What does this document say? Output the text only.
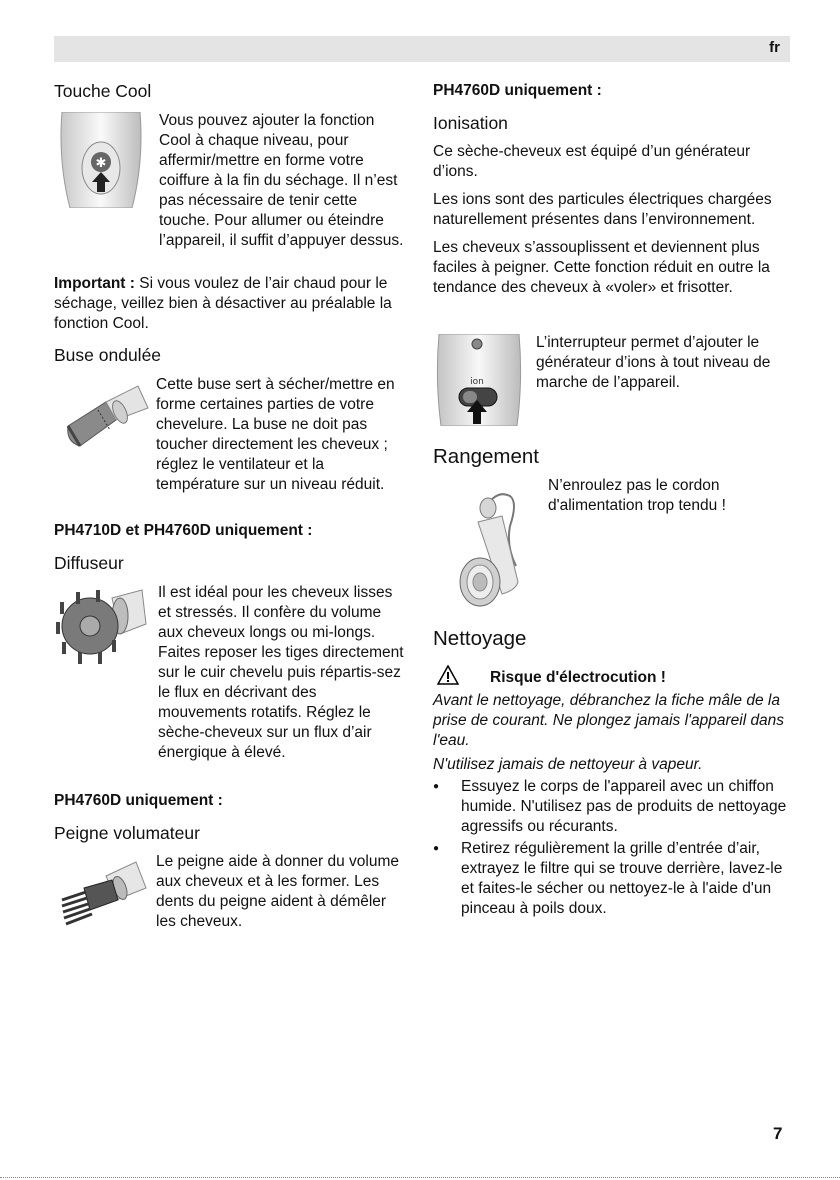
fr
Touche Cool
✱
Vous pouvez ajouter la fonction Cool à chaque niveau, pour affermir/mettre en forme votre coiffure à la fin du séchage. Il n’est pas nécessaire de tenir cette touche. Pour allumer ou éteindre l’appareil, il suffit d’appuyer dessus.
Important : Si vous voulez de l’air chaud pour le séchage, veillez bien à désactiver au préalable la fonction Cool.
Buse ondulée
Cette buse sert à sécher/mettre en forme certaines parties de votre chevelure. La buse ne doit pas toucher directement les cheveux ; réglez le ventilateur et la température sur un niveau réduit.
PH4710D et PH4760D uniquement :
Diffuseur
Il est idéal pour les cheveux lisses et stressés. Il confère du volume aux cheveux longs ou mi-longs. Faites reposer les tiges directement sur le cuir chevelu puis répartis-sez le flux en décrivant des mouvements rotatifs. Réglez le sèche-cheveux sur un flux d’air énergique à élevé.
PH4760D uniquement :
Peigne volumateur
Le peigne aide à donner du volume aux cheveux et à les former. Les dents du peigne aident à démêler les cheveux.
PH4760D uniquement :
Ionisation

Ce sèche-cheveux est équipé d’un générateur d’ions.

Les ions sont des particules électriques chargées naturellement présentes dans l’environnement.

Les cheveux s’assouplissent et deviennent plus faciles à peigner. Cette fonction réduit en outre la tendance des cheveux à «voler» et frisotter.

ion
L’interrupteur permet d’ajouter le générateur d’ions à tout niveau de marche de l’appareil.
Rangement
N’enroulez pas le cordon d'alimentation trop tendu !
Nettoyage
Risque d'électrocution !

Avant le nettoyage, débranchez la fiche mâle de la prise de courant. Ne plongez jamais l'appareil dans l'eau.

N'utilisez jamais de nettoyeur à vapeur.

● Essuyez le corps de l'appareil avec un chiffon humide. N'utilisez pas de produits de nettoyage agressifs ou récurants.
● Retirez régulièrement la grille d’entrée d’air, extrayez le filtre qui se trouve derrière, lavez-le et faites-le sécher ou nettoyez-le à l'aide d'un pinceau à poils doux.
7
